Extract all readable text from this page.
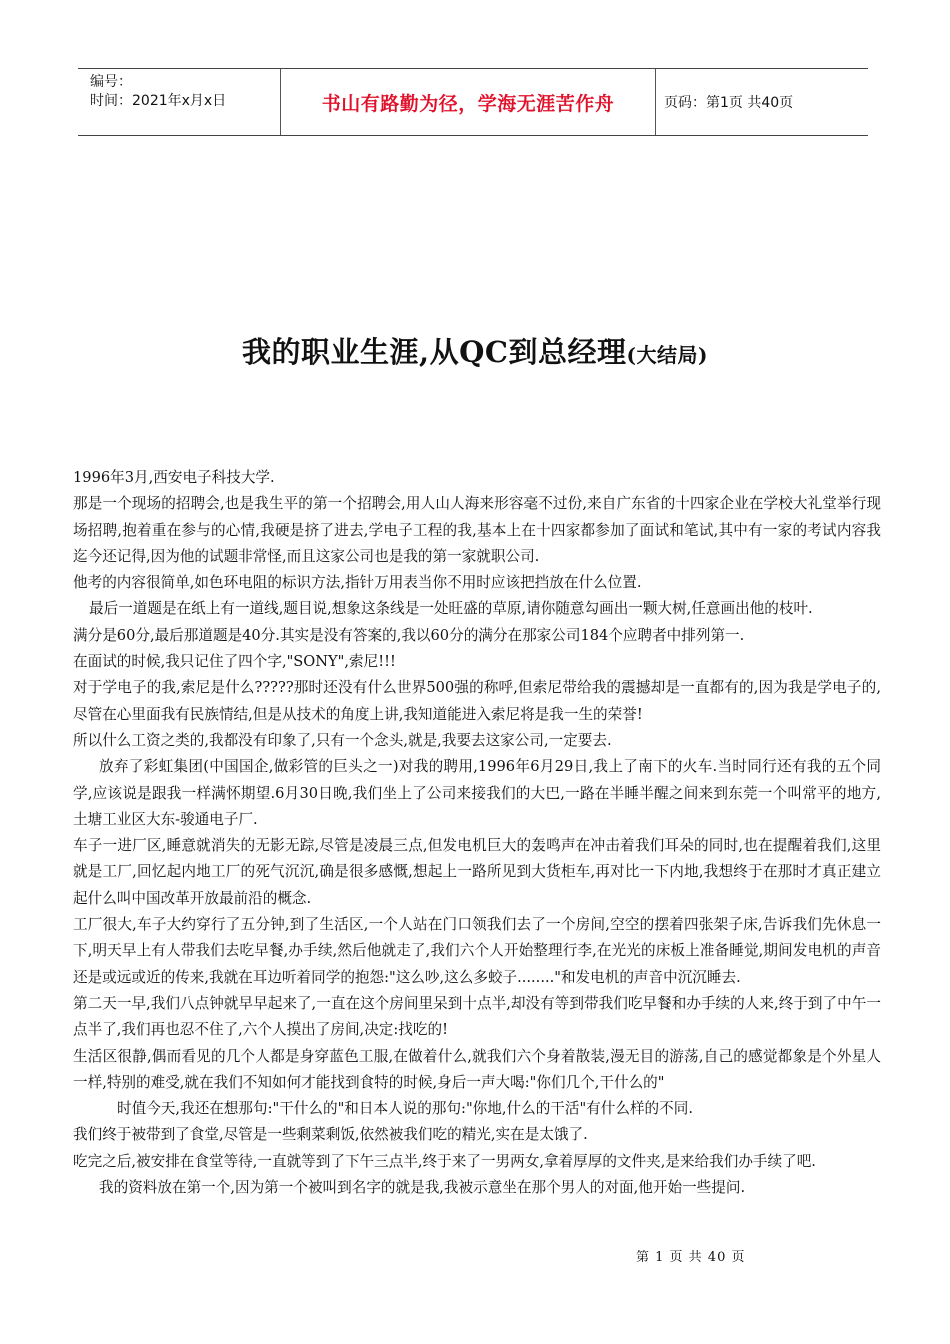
编号：
时间：2021年x月x日	书山有路勤为径，学海无涯苦作舟	页码：第1页 共40页
我的职业生涯,从QC到总经理(大结局)

1996年3月,西安电子科技大学.

那是一个现场的招聘会,也是我生平的第一个招聘会,用人山人海来形容毫不过份,来自广东省的十四家企业在学校大礼堂举行现场招聘,抱着重在参与的心情,我硬是挤了进去,学电子工程的我,基本上在十四家都参加了面试和笔试,其中有一家的考试内容我迄今还记得,因为他的试题非常怪,而且这家公司也是我的第一家就职公司.

他考的内容很简单,如色环电阻的标识方法,指针万用表当你不用时应该把挡放在什么位置.

最后一道题是在纸上有一道线,题目说,想象这条线是一处旺盛的草原,请你随意勾画出一颗大树,任意画出他的枝叶.

满分是60分,最后那道题是40分.其实是没有答案的,我以60分的满分在那家公司184个应聘者中排列第一.

在面试的时候,我只记住了四个字,"SONY",索尼!!!

对于学电子的我,索尼是什么?????那时还没有什么世界500强的称呼,但索尼带给我的震撼却是一直都有的,因为我是学电子的,尽管在心里面我有民族情结,但是从技术的角度上讲,我知道能进入索尼将是我一生的荣誉!

所以什么工资之类的,我都没有印象了,只有一个念头,就是,我要去这家公司,一定要去.

放弃了彩虹集团(中国国企,做彩管的巨头之一)对我的聘用,1996年6月29日,我上了南下的火车.当时同行还有我的五个同学,应该说是跟我一样满怀期望.6月30日晚,我们坐上了公司来接我们的大巴,一路在半睡半醒之间来到东莞一个叫常平的地方,土塘工业区大东-骏通电子厂.

车子一进厂区,睡意就消失的无影无踪,尽管是凌晨三点,但发电机巨大的轰鸣声在冲击着我们耳朵的同时,也在提醒着我们,这里就是工厂,回忆起内地工厂的死气沉沉,确是很多感慨,想起上一路所见到大货柜车,再对比一下内地,我想终于在那时才真正建立起什么叫中国改革开放最前沿的概念.

工厂很大,车子大约穿行了五分钟,到了生活区,一个人站在门口领我们去了一个房间,空空的摆着四张架子床,告诉我们先休息一下,明天早上有人带我们去吃早餐,办手续,然后他就走了,我们六个人开始整理行李,在光光的床板上准备睡觉,期间发电机的声音还是或远或近的传来,我就在耳边听着同学的抱怨:"这么吵,这么多蛟子........"和发电机的声音中沉沉睡去.

第二天一早,我们八点钟就早早起来了,一直在这个房间里呆到十点半,却没有等到带我们吃早餐和办手续的人来,终于到了中午一点半了,我们再也忍不住了,六个人摸出了房间,决定:找吃的!

生活区很静,偶而看见的几个人都是身穿蓝色工服,在做着什么,就我们六个身着散装,漫无目的游荡,自己的感觉都象是个外星人一样,特别的难受,就在我们不知如何才能找到食特的时候,身后一声大喝:"你们几个,干什么的"

时值今天,我还在想那句:"干什么的"和日本人说的那句:"你地,什么的干活"有什么样的不同.

我们终于被带到了食堂,尽管是一些剩菜剩饭,依然被我们吃的精光,实在是太饿了.

吃完之后,被安排在食堂等待,一直就等到了下午三点半,终于来了一男两女,拿着厚厚的文件夹,是来给我们办手续了吧.

我的资料放在第一个,因为第一个被叫到名字的就是我,我被示意坐在那个男人的对面,他开始一些提问.

第 1 页 共 40 页
